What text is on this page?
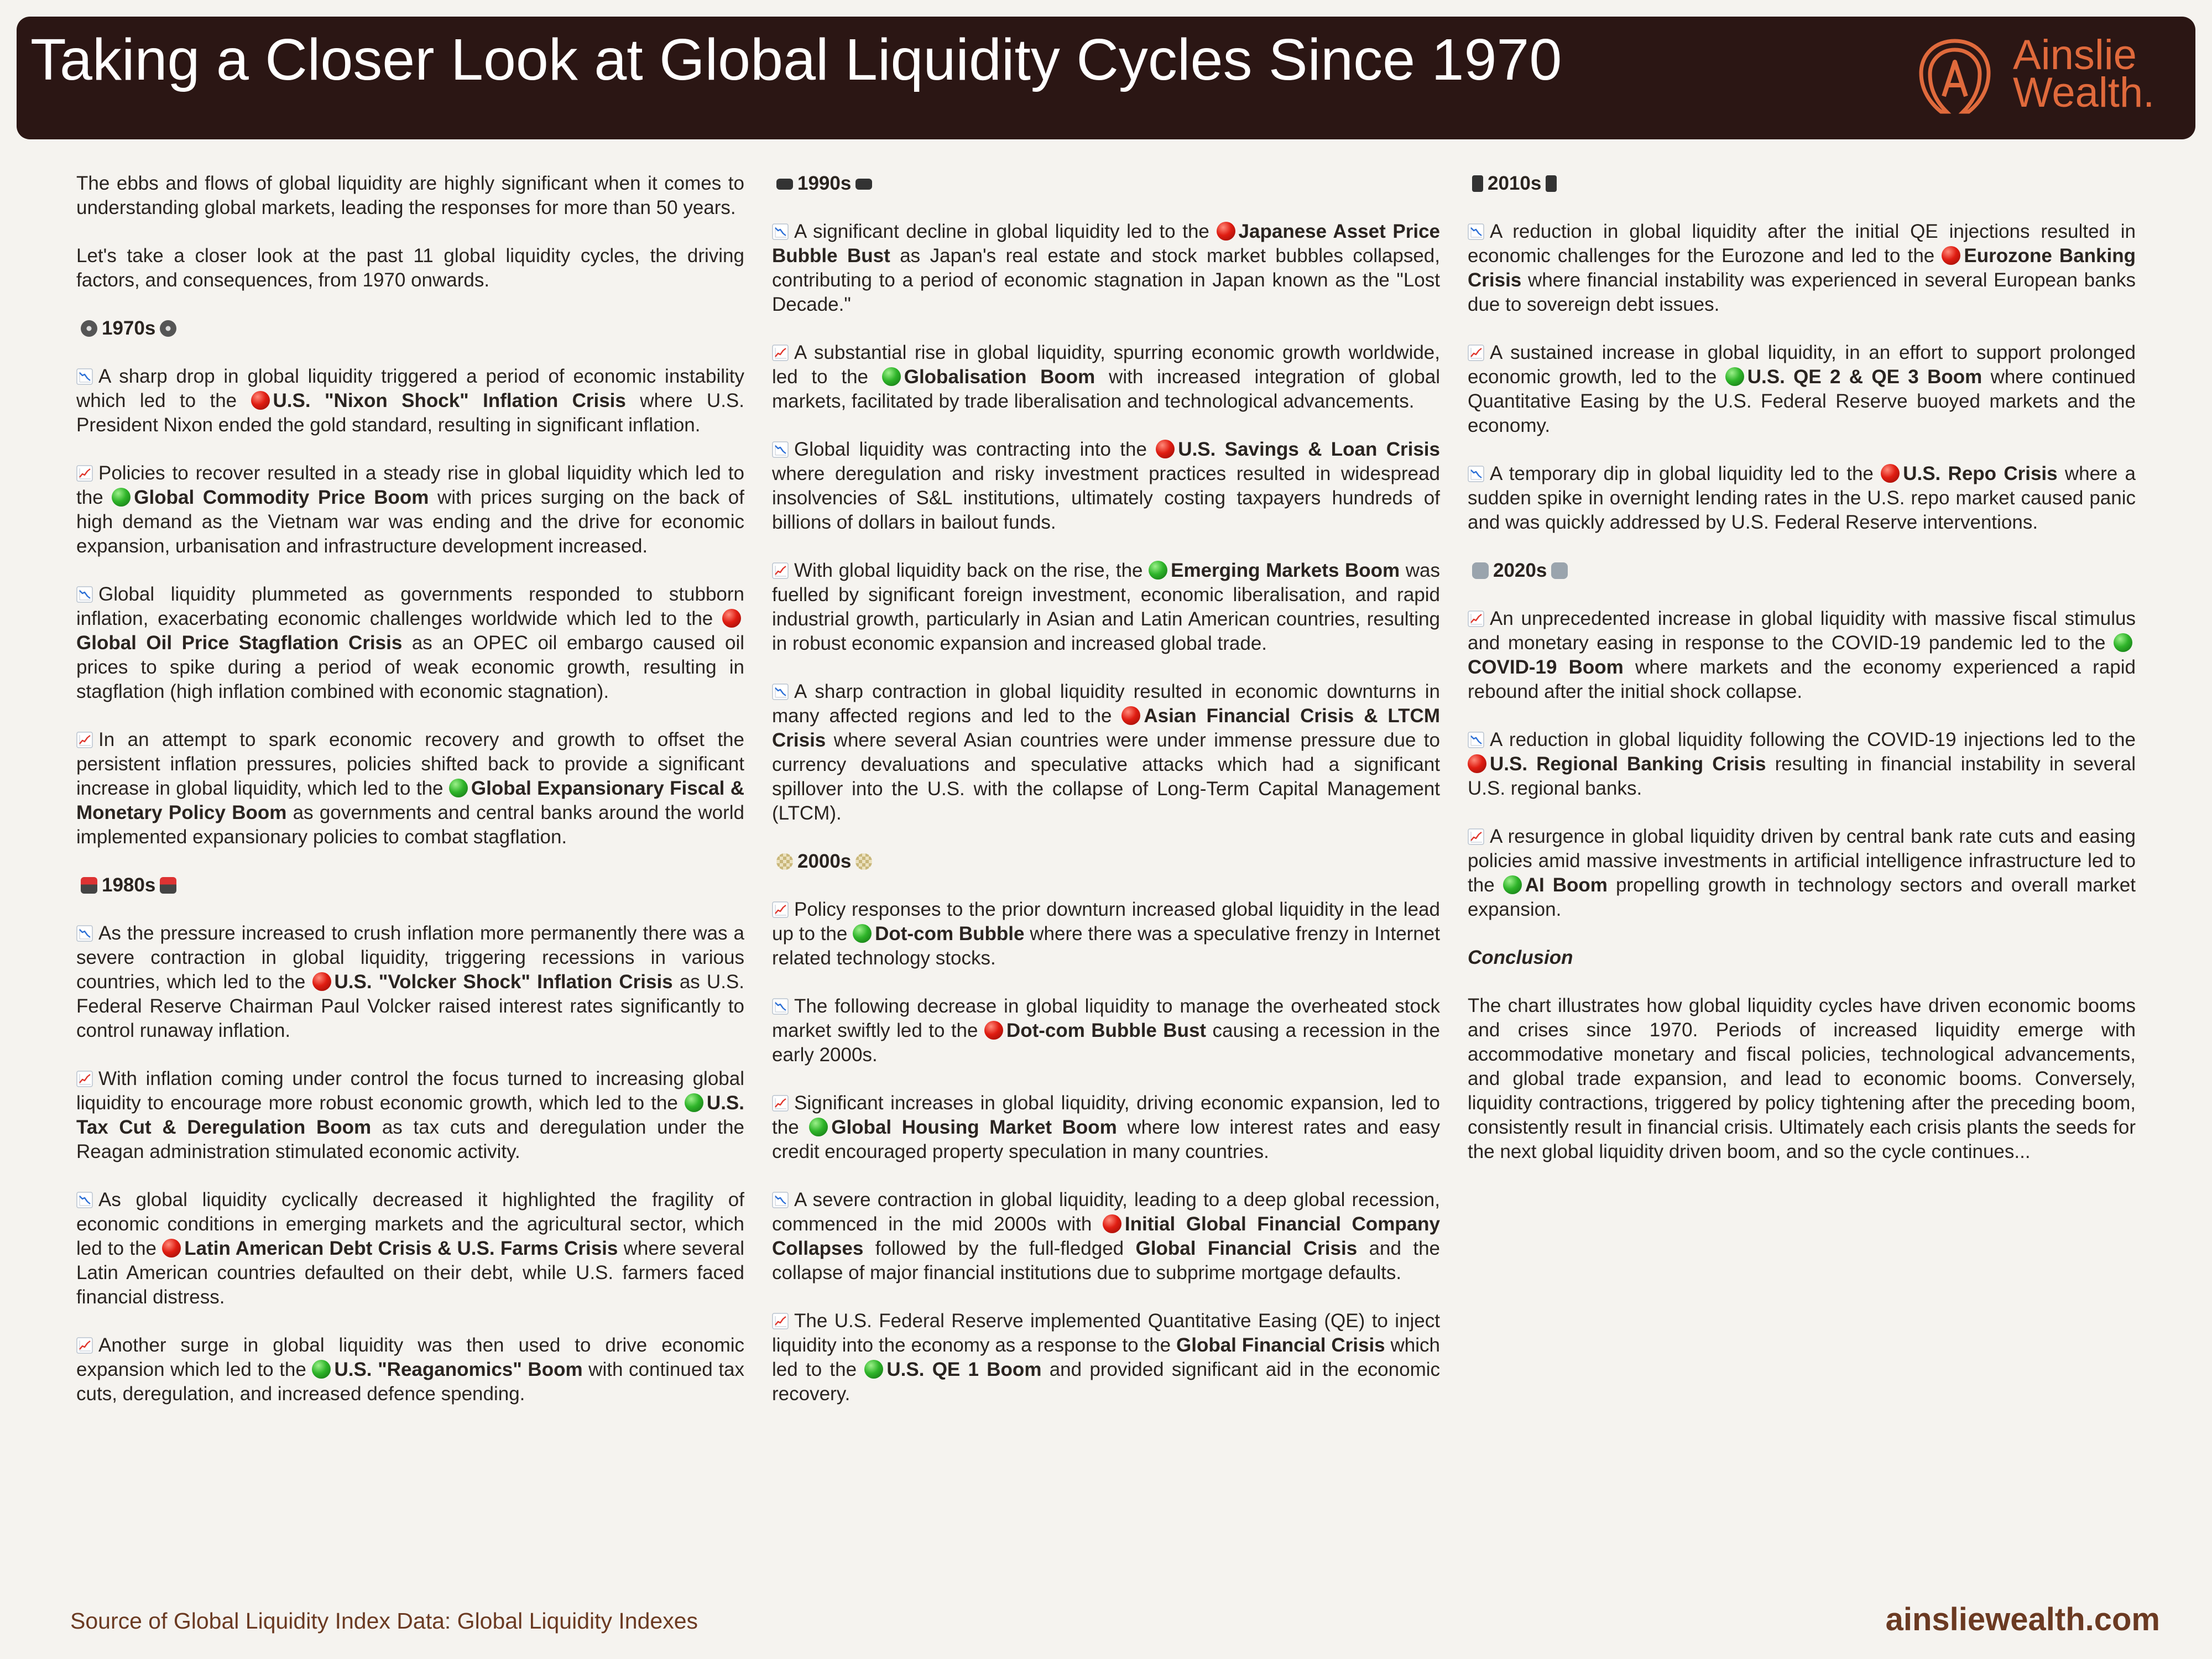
Taking a Closer Look at Global Liquidity Cycles Since 1970	Ainslie
Wealth.

The ebbs and flows of global liquidity are highly significant when it comes to understanding global markets, leading the responses for more than 50 years.

Let's take a closer look at the past 11 global liquidity cycles, the driving factors, and consequences, from 1970 onwards.

1970s

A sharp drop in global liquidity triggered a period of economic instability which led to the U.S. "Nixon Shock" Inflation Crisis where U.S. President Nixon ended the gold standard, resulting in significant inflation.

Policies to recover resulted in a steady rise in global liquidity which led to the Global Commodity Price Boom with prices surging on the back of high demand as the Vietnam war was ending and the drive for economic expansion, urbanisation and infrastructure development increased.

Global liquidity plummeted as governments responded to stubborn inflation, exacerbating economic challenges worldwide which led to the Global Oil Price Stagflation Crisis as an OPEC oil embargo caused oil prices to spike during a period of weak economic growth, resulting in stagflation (high inflation combined with economic stagnation).

In an attempt to spark economic recovery and growth to offset the persistent inflation pressures, policies shifted back to provide a significant increase in global liquidity, which led to the Global Expansionary Fiscal & Monetary Policy Boom as governments and central banks around the world implemented expansionary policies to combat stagflation.

1980s

As the pressure increased to crush inflation more permanently there was a severe contraction in global liquidity, triggering recessions in various countries, which led to the U.S. "Volcker Shock" Inflation Crisis as U.S. Federal Reserve Chairman Paul Volcker raised interest rates significantly to control runaway inflation.

With inflation coming under control the focus turned to increasing global liquidity to encourage more robust economic growth, which led to the U.S. Tax Cut & Deregulation Boom as tax cuts and deregulation under the Reagan administration stimulated economic activity.

As global liquidity cyclically decreased it highlighted the fragility of economic conditions in emerging markets and the agricultural sector, which led to the Latin American Debt Crisis & U.S. Farms Crisis where several Latin American countries defaulted on their debt, while U.S. farmers faced financial distress.

Another surge in global liquidity was then used to drive economic expansion which led to the U.S. "Reaganomics" Boom with continued tax cuts, deregulation, and increased defence spending.

1990s

A significant decline in global liquidity led to the Japanese Asset Price Bubble Bust as Japan's real estate and stock market bubbles collapsed, contributing to a period of economic stagnation in Japan known as the "Lost Decade."

A substantial rise in global liquidity, spurring economic growth worldwide, led to the Globalisation Boom with increased integration of global markets, facilitated by trade liberalisation and technological advancements.

Global liquidity was contracting into the U.S. Savings & Loan Crisis where deregulation and risky investment practices resulted in widespread insolvencies of S&L institutions, ultimately costing taxpayers hundreds of billions of dollars in bailout funds.

With global liquidity back on the rise, the Emerging Markets Boom was fuelled by significant foreign investment, economic liberalisation, and rapid industrial growth, particularly in Asian and Latin American countries, resulting in robust economic expansion and increased global trade.

A sharp contraction in global liquidity resulted in economic downturns in many affected regions and led to the Asian Financial Crisis & LTCM Crisis where several Asian countries were under immense pressure due to currency devaluations and speculative attacks which had a significant spillover into the U.S. with the collapse of Long-Term Capital Management (LTCM).

2000s

Policy responses to the prior downturn increased global liquidity in the lead up to the Dot-com Bubble where there was a speculative frenzy in Internet related technology stocks.

The following decrease in global liquidity to manage the overheated stock market swiftly led to the Dot-com Bubble Bust causing a recession in the early 2000s.

Significant increases in global liquidity, driving economic expansion, led to the Global Housing Market Boom where low interest rates and easy credit encouraged property speculation in many countries.

A severe contraction in global liquidity, leading to a deep global recession, commenced in the mid 2000s with Initial Global Financial Company Collapses followed by the full-fledged Global Financial Crisis and the collapse of major financial institutions due to subprime mortgage defaults.

The U.S. Federal Reserve implemented Quantitative Easing (QE) to inject liquidity into the economy as a response to the Global Financial Crisis which led to the U.S. QE 1 Boom and provided significant aid in the economic recovery.

2010s

A reduction in global liquidity after the initial QE injections resulted in economic challenges for the Eurozone and led to the Eurozone Banking Crisis where financial instability was experienced in several European banks due to sovereign debt issues.

A sustained increase in global liquidity, in an effort to support prolonged economic growth, led to the U.S. QE 2 & QE 3 Boom where continued Quantitative Easing by the U.S. Federal Reserve buoyed markets and the economy.

A temporary dip in global liquidity led to the U.S. Repo Crisis where a sudden spike in overnight lending rates in the U.S. repo market caused panic and was quickly addressed by U.S. Federal Reserve interventions.

2020s

An unprecedented increase in global liquidity with massive fiscal stimulus and monetary easing in response to the COVID-19 pandemic led to the COVID-19 Boom where markets and the economy experienced a rapid rebound after the initial shock collapse.

A reduction in global liquidity following the COVID-19 injections led to the U.S. Regional Banking Crisis resulting in financial instability in several U.S. regional banks.

A resurgence in global liquidity driven by central bank rate cuts and easing policies amid massive investments in artificial intelligence infrastructure led to the AI Boom propelling growth in technology sectors and overall market expansion.

Conclusion

The chart illustrates how global liquidity cycles have driven economic booms and crises since 1970. Periods of increased liquidity emerge with accommodative monetary and fiscal policies, technological advancements, and global trade expansion, and lead to economic booms. Conversely, liquidity contractions, triggered by policy tightening after the preceding boom, consistently result in financial crisis. Ultimately each crisis plants the seeds for the next global liquidity driven boom, and so the cycle continues...

Source of Global Liquidity Index Data: Global Liquidity Indexes	ainsliewealth.com
